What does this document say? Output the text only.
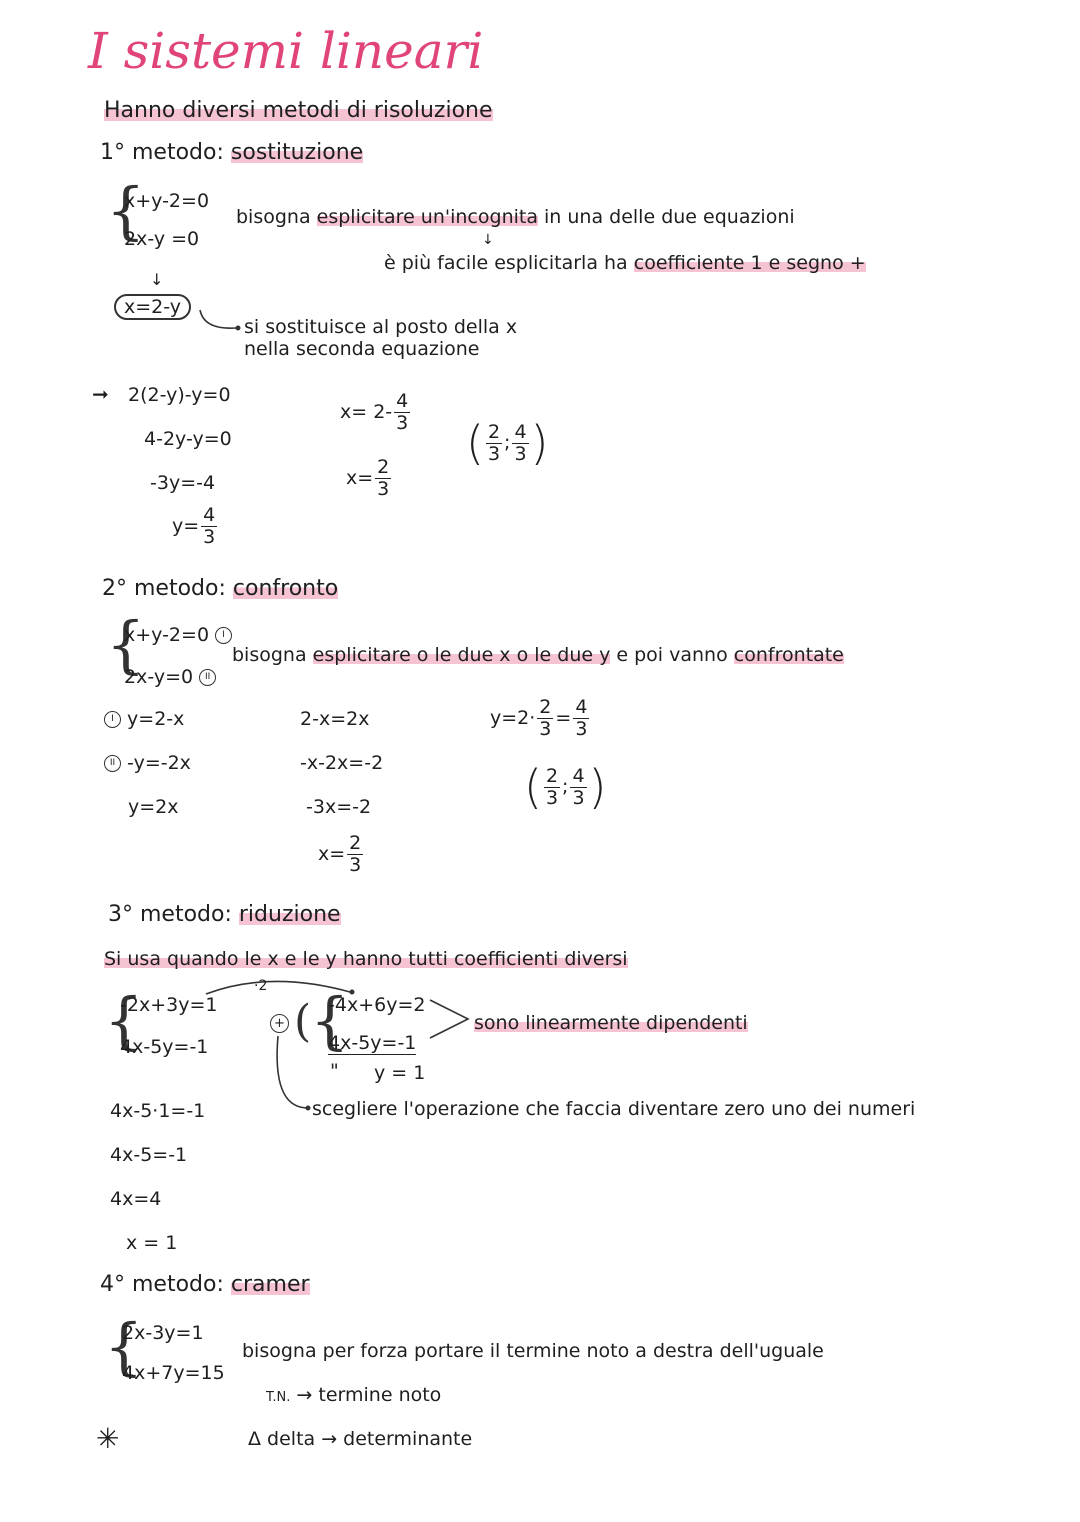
I sistemi lineari
Hanno diversi metodi di risoluzione
1° metodo: sostituzione
{
x+y-2=0
2x-y =0
bisogna esplicitare un'incognita in una delle due equazioni
↓
è più facile esplicitarla ha coefficiente 1 e segno +
↓
x=2-y
si sostituisce al posto della x
nella seconda equazione
➞ 2(2-y)-y=0
4-2y-y=0
-3y=-4
$y= \frac{4}{3}$
$x= 2- \frac{4}{3}$
$x= \frac{2}{3}$
( $\frac{2}{3}$ ; $\frac{4}{3}$ )
2° metodo: confronto
{
x+y-2=0 I
2x-y=0 II
bisogna esplicitare o le due x o le due y e poi vanno confrontate
I y=2-x
II -y=-2x
y=2x
2-x=2x
-x-2x=-2
-3x=-2
$x= \frac{2}{3}$
$y=2\cdot \frac{2}{3} = \frac{4}{3}$
( $\frac{2}{3}$ ; $\frac{4}{3}$ )
3° metodo: riduzione
Si usa quando le x e le y hanno tutti coefficienti diversi
·2
{
-2x+3y=1
4x-5y=-1
+ (
{
-4x+6y=2
4x-5y=-1
" y = 1
sono linearmente dipendenti
scegliere l'operazione che faccia diventare zero uno dei numeri
4x-5·1=-1
4x-5=-1
4x=4
x = 1
4° metodo: cramer
{
2x-3y=1
4x+7y=15
bisogna per forza portare il termine noto a destra dell'uguale
T.N. → termine noto
✳	Δ delta → determinante
